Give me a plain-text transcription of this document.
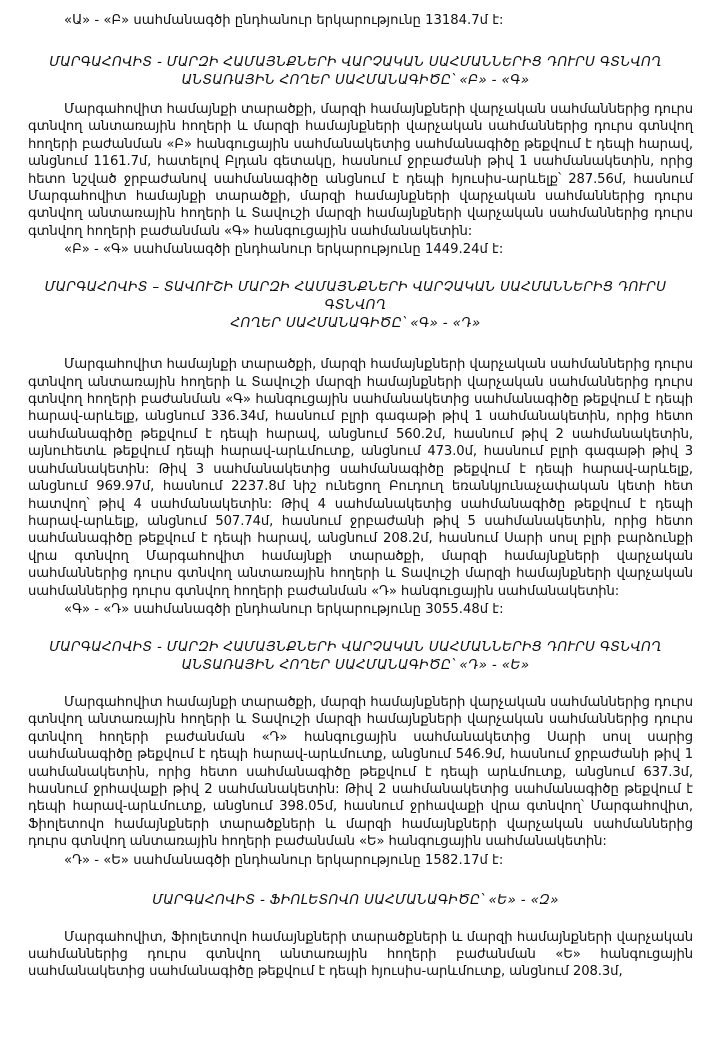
«Ա» - «Բ» սահմանագծի ընդհանուր երկարությունը 13184.7մ է:

ՄԱՐԳԱՀՈՎԻՏ - ՄԱՐԶԻ ՀԱՄԱՅՆՔՆԵՐԻ ՎԱՐՉԱԿԱՆ ՍԱՀՄԱՆՆԵՐԻՑ ԴՈՒՐՍ ԳՏՆՎՈՂ

ԱՆՏԱՌԱՅԻՆ ՀՈՂԵՐ ՍԱՀՄԱՆԱԳԻԾԸ՝ «Բ» - «Գ»

Մարգահովիտ համայնքի տարածքի, մարզի համայնքների վարչական սահմաններից դուրս գտնվող անտառային հողերի և մարզի համայնքների վարչական սահմաններից դուրս գտնվող հողերի բաժանման «Բ» հանգուցային սահմանակետից սահմանագիծը թեքվում է դեպի հարավ, անցնում 1161.7մ, հատելով Բլդան գետակը, հասնում ջրբաժանի թիվ 1 սահմանակետին, որից հետո նշված ջրբաժանով սահմանագիծը անցնում է դեպի հյուսիս-արևելք՝ 287.56մ, հասնում Մարգահովիտ համայնքի տարածքի, մարզի համայնքների վարչական սահմաններից դուրս գտնվող անտառային հողերի և Տավուշի մարզի համայնքների վարչական սահմաններից դուրս գտնվող հողերի բաժանման «Գ» հանգուցային սահմանակետին:

«Բ» - «Գ» սահմանագծի ընդհանուր երկարությունը 1449.24մ է:

ՄԱՐԳԱՀՈՎԻՏ – ՏԱՎՈՒՇԻ ՄԱՐԶԻ ՀԱՄԱՅՆՔՆԵՐԻ ՎԱՐՉԱԿԱՆ ՍԱՀՄԱՆՆԵՐԻՑ ԴՈՒՐՍ ԳՏՆՎՈՂ

ՀՈՂԵՐ ՍԱՀՄԱՆԱԳԻԾԸ՝ «Գ» - «Դ»

Մարգահովիտ համայնքի տարածքի, մարզի համայնքների վարչական սահմաններից դուրս գտնվող անտառային հողերի և Տավուշի մարզի համայնքների վարչական սահմաններից դուրս գտնվող հողերի բաժանման «Գ» հանգուցային սահմանակետից սահմանագիծը թեքվում է դեպի հարավ-արևելք, անցնում 336.34մ, հասնում բլրի գագաթի թիվ 1 սահմանակետին, որից հետո սահմանագիծը թեքվում է դեպի հարավ, անցնում 560.2մ, հասնում թիվ 2 սահմանակետին, այնուհետև թեքվում դեպի հարավ-արևմուտք, անցնում 473.0մ, հասնում բլրի գագաթի թիվ 3 սահմանակետին: Թիվ 3 սահմանակետից սահմանագիծը թեքվում է դեպի հարավ-արևելք, անցնում 969.97մ, հասնում 2237.8մ նիշ ունեցող Բուդուղ եռանկյունաչափական կետի հետ հատվող՝ թիվ 4 սահմանակետին: Թիվ 4 սահմանակետից սահմանագիծը թեքվում է դեպի հարավ-արևելք, անցնում 507.74մ, հասնում ջրբաժանի թիվ 5 սահմանակետին, որից հետո սահմանագիծը թեքվում է դեպի հարավ, անցնում 208.2մ, հասնում Սարի սոսլ բլրի բարձունքի վրա գտնվող Մարգահովիտ համայնքի տարածքի, մարզի համայնքների վարչական սահմաններից դուրս գտնվող անտառային հողերի և Տավուշի մարզի համայնքների վարչական սահմաններից դուրս գտնվող հողերի բաժանման «Դ» հանգուցային սահմանակետին:

«Գ» - «Դ» սահմանագծի ընդհանուր երկարությունը 3055.48մ է:

ՄԱՐԳԱՀՈՎԻՏ - ՄԱՐԶԻ ՀԱՄԱՅՆՔՆԵՐԻ ՎԱՐՉԱԿԱՆ ՍԱՀՄԱՆՆԵՐԻՑ ԴՈՒՐՍ ԳՏՆՎՈՂ

ԱՆՏԱՌԱՅԻՆ ՀՈՂԵՐ ՍԱՀՄԱՆԱԳԻԾԸ՝ «Դ» - «Ե»

Մարգահովիտ համայնքի տարածքի, մարզի համայնքների վարչական սահմաններից դուրս գտնվող անտառային հողերի և Տավուշի մարզի համայնքների վարչական սահմաններից դուրս գտնվող հողերի բաժանման «Դ» հանգուցային սահմանակետից Սարի սոսլ սարից սահմանագիծը թեքվում է դեպի հարավ-արևմուտք, անցնում 546.9մ, հասնում ջրբաժանի թիվ 1 սահմանակետին, որից հետո սահմանագիծը թեքվում է դեպի արևմուտք, անցնում 637.3մ, հասնում ջրհավաքի թիվ 2 սահմանակետին: Թիվ 2 սահմանակետից սահմանագիծը թեքվում է դեպի հարավ-արևմուտք, անցնում 398.05մ, հասնում ջրհավաքի վրա գտնվող՝ Մարգահովիտ, Ֆիոլետովո համայնքների տարածքների և մարզի համայնքների վարչական սահմաններից դուրս գտնվող անտառային հողերի բաժանման «Ե» հանգուցային սահմանակետին:

«Դ» - «Ե» սահմանագծի ընդհանուր երկարությունը 1582.17մ է:

ՄԱՐԳԱՀՈՎԻՏ - ՖԻՈԼԵՏՈՎՈ ՍԱՀՄԱՆԱԳԻԾԸ՝ «Ե» - «Զ»

Մարգահովիտ, Ֆիոլետովո համայնքների տարածքների և մարզի համայնքների վարչական սահմաններից դուրս գտնվող անտառային հողերի բաժանման «Ե» հանգուցային սահմանակետից սահմանագիծը թեքվում է դեպի հյուսիս-արևմուտք, անցնում 208.3մ,
